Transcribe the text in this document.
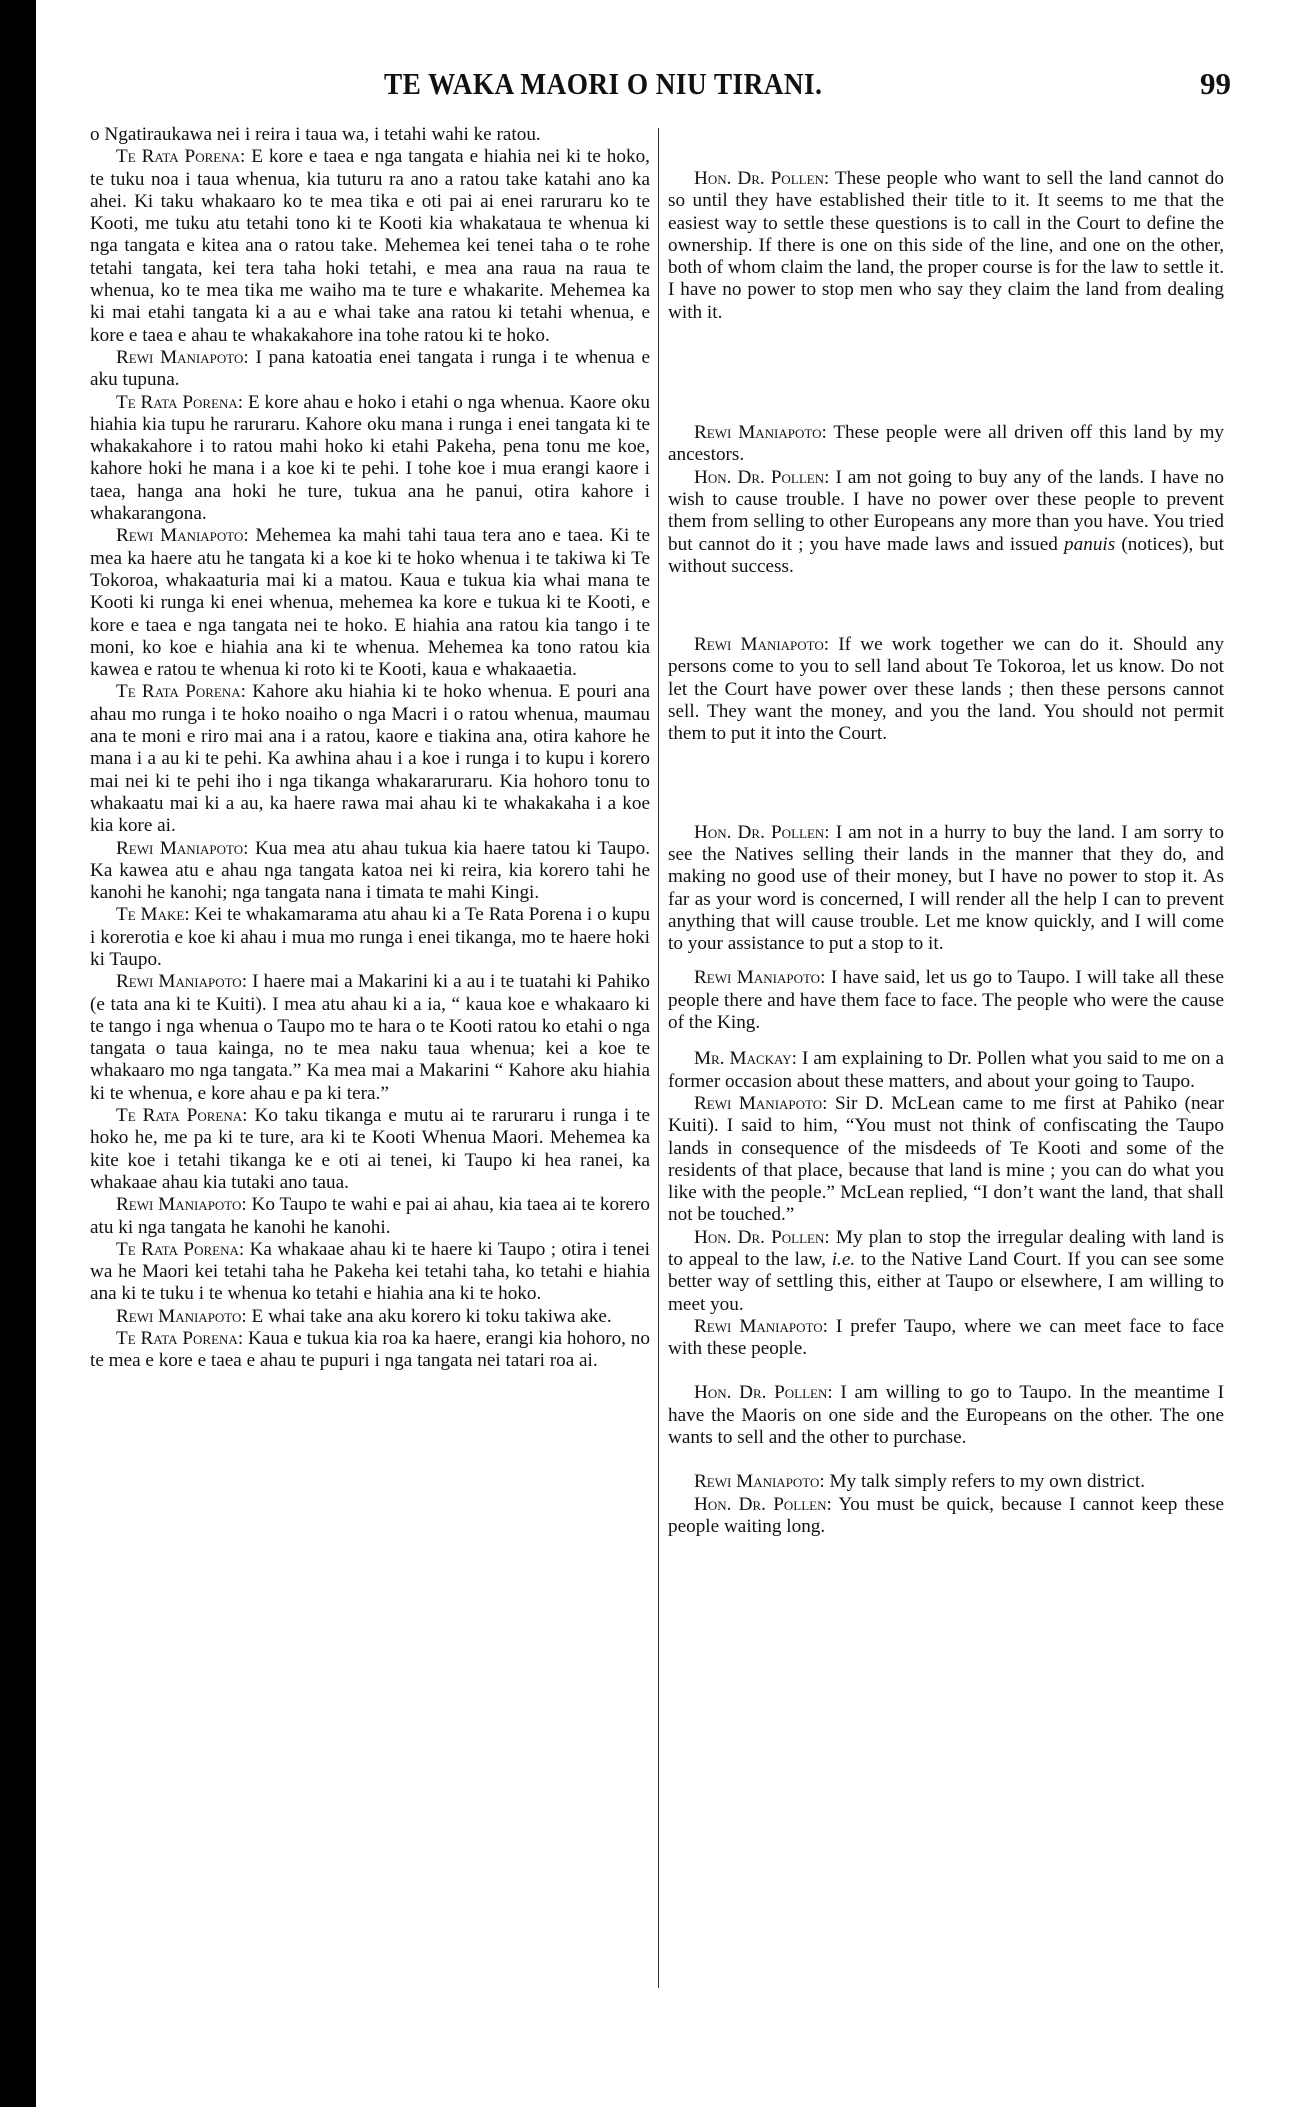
TE WAKA MAORI O NIU TIRANI.	99

o Ngatiraukawa nei i reira i taua wa, i tetahi wahi ke ratou.

Te Rata Porena: E kore e taea e nga tangata e hiahia nei ki te hoko, te tuku noa i taua whenua, kia tuturu ra ano a ratou take katahi ano ka ahei. Ki taku whakaaro ko te mea tika e oti pai ai enei raruraru ko te Kooti, me tuku atu tetahi tono ki te Kooti kia whakataua te whenua ki nga tangata e kitea ana o ratou take. Mehemea kei tenei taha o te rohe tetahi tangata, kei tera taha hoki tetahi, e mea ana raua na raua te whenua, ko te mea tika me waiho ma te ture e whakarite. Mehemea ka ki mai etahi tangata ki a au e whai take ana ratou ki tetahi whenua, e kore e taea e ahau te whakakahore ina tohe ratou ki te hoko.

Rewi Maniapoto: I pana katoatia enei tangata i runga i te whenua e aku tupuna.

Te Rata Porena: E kore ahau e hoko i etahi o nga whenua. Kaore oku hiahia kia tupu he raruraru. Kahore oku mana i runga i enei tangata ki te whakakahore i to ratou mahi hoko ki etahi Pakeha, pena tonu me koe, kahore hoki he mana i a koe ki te pehi. I tohe koe i mua erangi kaore i taea, hanga ana hoki he ture, tukua ana he panui, otira kahore i whakarangona.

Rewi Maniapoto: Mehemea ka mahi tahi taua tera ano e taea. Ki te mea ka haere atu he tangata ki a koe ki te hoko whenua i te takiwa ki Te Tokoroa, whakaaturia mai ki a matou. Kaua e tukua kia whai mana te Kooti ki runga ki enei whenua, mehemea ka kore e tukua ki te Kooti, e kore e taea e nga tangata nei te hoko. E hiahia ana ratou kia tango i te moni, ko koe e hiahia ana ki te whenua. Mehemea ka tono ratou kia kawea e ratou te whenua ki roto ki te Kooti, kaua e whakaaetia.

Te Rata Porena: Kahore aku hiahia ki te hoko whenua. E pouri ana ahau mo runga i te hoko noaiho o nga Macri i o ratou whenua, maumau ana te moni e riro mai ana i a ratou, kaore e tiakina ana, otira kahore he mana i a au ki te pehi. Ka awhina ahau i a koe i runga i to kupu i korero mai nei ki te pehi iho i nga tikanga whakararuraru. Kia hohoro tonu to whakaatu mai ki a au, ka haere rawa mai ahau ki te whakakaha i a koe kia kore ai.

Rewi Maniapoto: Kua mea atu ahau tukua kia haere tatou ki Taupo. Ka kawea atu e ahau nga tangata katoa nei ki reira, kia korero tahi he kanohi he kanohi; nga tangata nana i timata te mahi Kingi.

Te Make: Kei te whakamarama atu ahau ki a Te Rata Porena i o kupu i korerotia e koe ki ahau i mua mo runga i enei tikanga, mo te haere hoki ki Taupo.

Rewi Maniapoto: I haere mai a Makarini ki a au i te tuatahi ki Pahiko (e tata ana ki te Kuiti). I mea atu ahau ki a ia, “ kaua koe e whakaaro ki te tango i nga whenua o Taupo mo te hara o te Kooti ratou ko etahi o nga tangata o taua kainga, no te mea naku taua whenua; kei a koe te whakaaro mo nga tangata.” Ka mea mai a Makarini “ Kahore aku hiahia ki te whenua, e kore ahau e pa ki tera.”

Te Rata Porena: Ko taku tikanga e mutu ai te raruraru i runga i te hoko he, me pa ki te ture, ara ki te Kooti Whenua Maori. Mehemea ka kite koe i tetahi tikanga ke e oti ai tenei, ki Taupo ki hea ranei, ka whakaae ahau kia tutaki ano taua.

Rewi Maniapoto: Ko Taupo te wahi e pai ai ahau, kia taea ai te korero atu ki nga tangata he kanohi he kanohi.

Te Rata Porena: Ka whakaae ahau ki te haere ki Taupo ; otira i tenei wa he Maori kei tetahi taha he Pakeha kei tetahi taha, ko tetahi e hiahia ana ki te tuku i te whenua ko tetahi e hiahia ana ki te hoko.

Rewi Maniapoto: E whai take ana aku korero ki toku takiwa ake.

Te Rata Porena: Kaua e tukua kia roa ka haere, erangi kia hohoro, no te mea e kore e taea e ahau te pupuri i nga tangata nei tatari roa ai.

Hon. Dr. Pollen: These people who want to sell the land cannot do so until they have established their title to it. It seems to me that the easiest way to settle these questions is to call in the Court to define the ownership. If there is one on this side of the line, and one on the other, both of whom claim the land, the proper course is for the law to settle it. I have no power to stop men who say they claim the land from dealing with it.

Rewi Maniapoto: These people were all driven off this land by my ancestors.

Hon. Dr. Pollen: I am not going to buy any of the lands. I have no wish to cause trouble. I have no power over these people to prevent them from selling to other Europeans any more than you have. You tried but cannot do it ; you have made laws and issued panuis (notices), but without success.

Rewi Maniapoto: If we work together we can do it. Should any persons come to you to sell land about Te Tokoroa, let us know. Do not let the Court have power over these lands ; then these persons cannot sell. They want the money, and you the land. You should not permit them to put it into the Court.

Hon. Dr. Pollen: I am not in a hurry to buy the land. I am sorry to see the Natives selling their lands in the manner that they do, and making no good use of their money, but I have no power to stop it. As far as your word is concerned, I will render all the help I can to prevent anything that will cause trouble. Let me know quickly, and I will come to your assistance to put a stop to it.

Rewi Maniapoto: I have said, let us go to Taupo. I will take all these people there and have them face to face. The people who were the cause of the King.

Mr. Mackay: I am explaining to Dr. Pollen what you said to me on a former occasion about these matters, and about your going to Taupo.

Rewi Maniapoto: Sir D. McLean came to me first at Pahiko (near Kuiti). I said to him, “You must not think of confiscating the Taupo lands in consequence of the misdeeds of Te Kooti and some of the residents of that place, because that land is mine ; you can do what you like with the people.” McLean replied, “I don’t want the land, that shall not be touched.”

Hon. Dr. Pollen: My plan to stop the irregular dealing with land is to appeal to the law, i.e. to the Native Land Court. If you can see some better way of settling this, either at Taupo or elsewhere, I am willing to meet you.

Rewi Maniapoto: I prefer Taupo, where we can meet face to face with these people.

Hon. Dr. Pollen: I am willing to go to Taupo. In the meantime I have the Maoris on one side and the Europeans on the other. The one wants to sell and the other to purchase.

Rewi Maniapoto: My talk simply refers to my own district.

Hon. Dr. Pollen: You must be quick, because I cannot keep these people waiting long.
